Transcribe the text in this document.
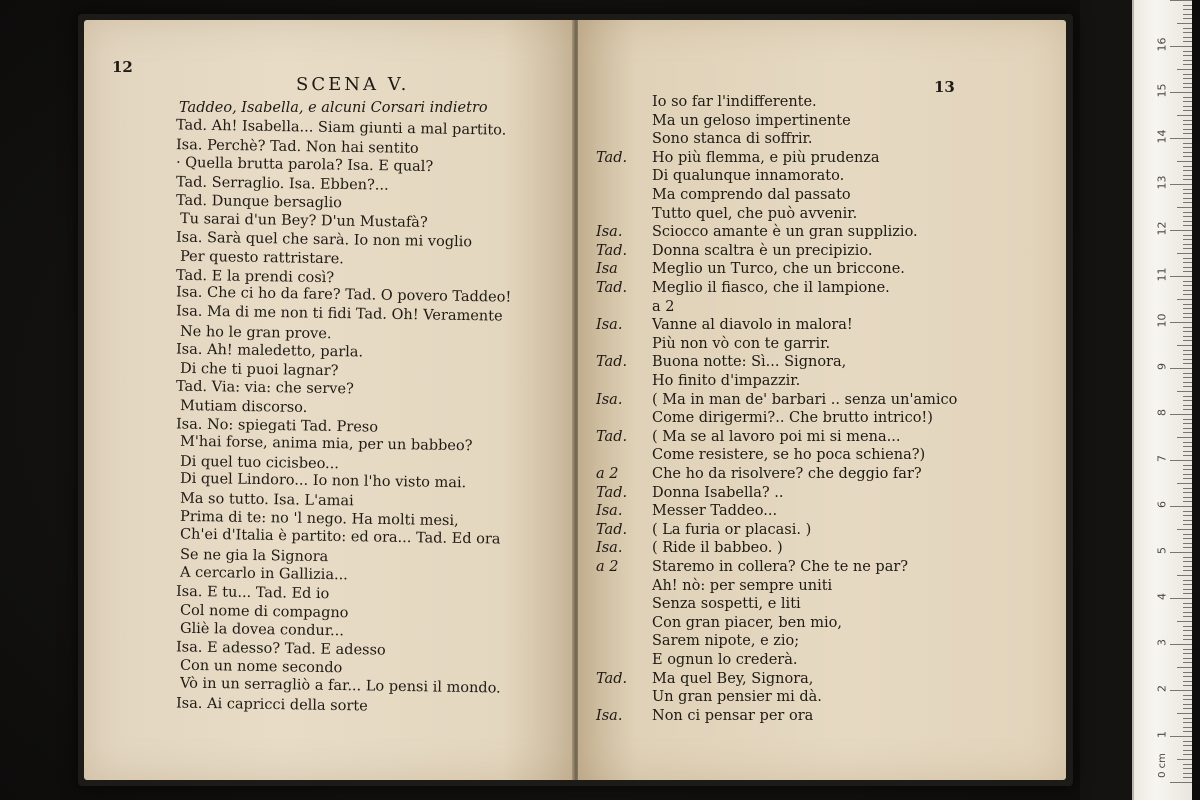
12
SCENA V.
Taddeo, Isabella, e alcuni Corsari indietro
Tad. Ah! Isabella... Siam giunti a mal partito.
Isa. Perchè? Tad. Non hai sentito
· Quella brutta parola? Isa. E qual?
Tad. Serraglio. Isa. Ebben?...
Tad. Dunque bersaglio
Tu sarai d'un Bey? D'un Mustafà?
Isa. Sarà quel che sarà. Io non mi voglio
Per questo rattristare.
Tad. E la prendi così?
Isa. Che ci ho da fare? Tad. O povero Taddeo!
Isa. Ma di me non ti fidi Tad. Oh! Veramente
Ne ho le gran prove.
Isa. Ah! maledetto, parla.
Di che ti puoi lagnar?
Tad. Via: via: che serve?
Mutiam discorso.
Isa. No: spiegati Tad. Preso
M'hai forse, anima mia, per un babbeo?
Di quel tuo cicisbeo...
Di quel Lindoro... Io non l'ho visto mai.
Ma so tutto. Isa. L'amai
Prima di te: no 'l nego. Ha molti mesi,
Ch'ei d'Italia è partito: ed ora... Tad. Ed ora
Se ne gia la Signora
A cercarlo in Gallizia...
Isa. E tu... Tad. Ed io
Col nome di compagno
Gliè la dovea condur...
Isa. E adesso? Tad. E adesso
Con un nome secondo
Vò in un serragliò a far... Lo pensi il mondo.
Isa. Ai capricci della sorte
13
Io so far l'indifferente.
Ma un geloso impertinente
Sono stanca di soffrir.
Tad. Ho più flemma, e più prudenza
Di qualunque innamorato.
Ma comprendo dal passato
Tutto quel, che può avvenir.
Isa. Sciocco amante è un gran supplizio.
Tad. Donna scaltra è un precipizio.
Isa Meglio un Turco, che un briccone.
Tad. Meglio il fiasco, che il lampione.
a 2
Isa. Vanne al diavolo in malora!
Più non vò con te garrir.
Tad. Buona notte: Sì... Signora,
Ho finito d'impazzir.
Isa. ( Ma in man de' barbari .. senza un'amico
Come dirigermi?.. Che brutto intrico!)
Tad. ( Ma se al lavoro poi mi si mena...
Come resistere, se ho poca schiena?)
a 2 Che ho da risolvere? che deggio far?
Tad. Donna Isabella? ..
Isa. Messer Taddeo...
Tad. ( La furia or placasi. )
Isa. ( Ride il babbeo. )
a 2 Staremo in collera? Che te ne par?
Ah! nò: per sempre uniti
Senza sospetti, e liti
Con gran piacer, ben mio,
Sarem nipote, e zio;
E ognun lo crederà.
Tad. Ma quel Bey, Signora,
Un gran pensier mi dà.
Isa. Non ci pensar per ora
1
2
3
4
5
6
7
8
9
10
11
12
13
14
15
16
0 cm
